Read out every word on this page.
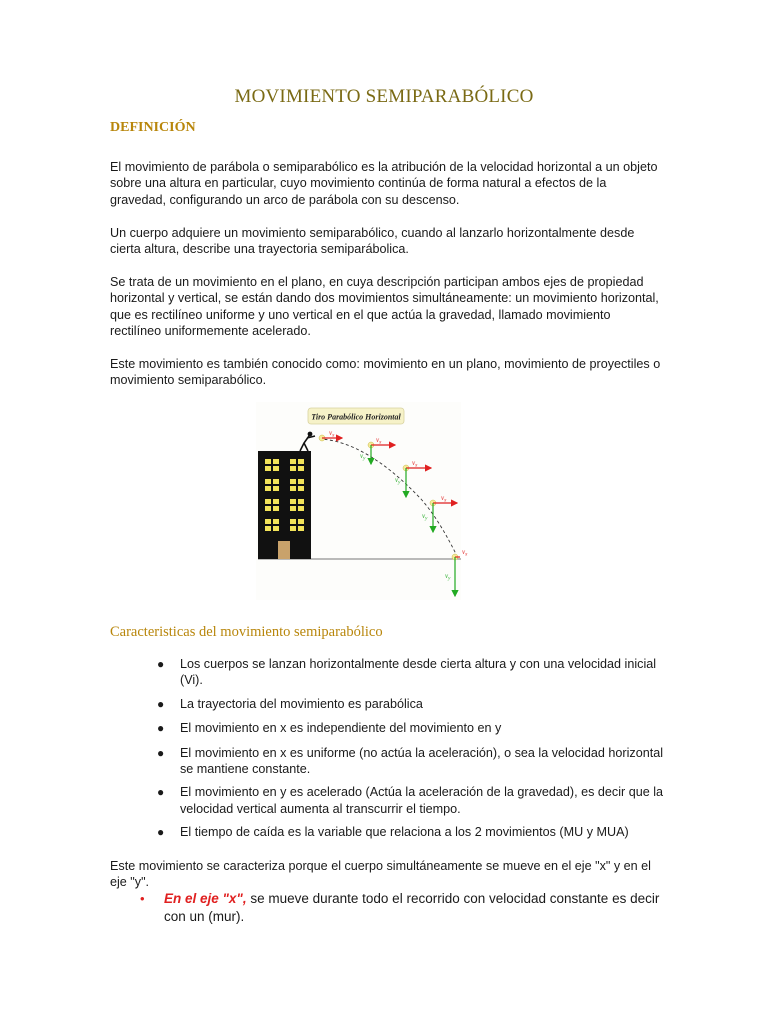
MOVIMIENTO SEMIPARABÓLICO
DEFINICIÓN

El movimiento de parábola o semiparabólico es la atribución de la velocidad horizontal a un objeto sobre una altura en particular, cuyo movimiento continúa de forma natural a efectos de la gravedad, configurando un arco de parábola con su descenso.

Un cuerpo adquiere un movimiento semiparabólico, cuando al lanzarlo horizontalmente desde cierta altura, describe una trayectoria semiparábolica.

Se trata de un movimiento en el plano, en cuya descripción participan ambos ejes de propiedad horizontal y vertical, se están dando dos movimientos simultáneamente: un movimiento horizontal, que es rectilíneo uniforme y uno vertical en el que actúa la gravedad, llamado movimiento rectilíneo uniformemente acelerado.

Este movimiento es también conocido como: movimiento en un plano, movimiento de proyectiles o movimiento semiparabólico.

Tiro Parabólico Horizontal
$v_x$	$v_x$
$v_y$	$v_x$
$v_y$
$v_x$
$v_y$
$v_x$
$v_y$
Caracteristicas del movimiento semiparabólico
● Los cuerpos se lanzan horizontalmente desde cierta altura y con una velocidad inicial (Vi).
● La trayectoria del movimiento es parabólica
● El movimiento en x es independiente del movimiento en y
● El movimiento en x es uniforme (no actúa la aceleración), o sea la velocidad horizontal se mantiene constante.
● El movimiento en y es acelerado (Actúa la aceleración de la gravedad), es decir que la velocidad vertical aumenta al transcurrir el tiempo.
● El tiempo de caída es la variable que relaciona a los 2 movimientos (MU y MUA)

Este movimiento se caracteriza porque el cuerpo simultáneamente se mueve en el eje "x" y en el eje "y".

•	En el eje "x", se mueve durante todo el recorrido con velocidad constante es decir con un (mur).
